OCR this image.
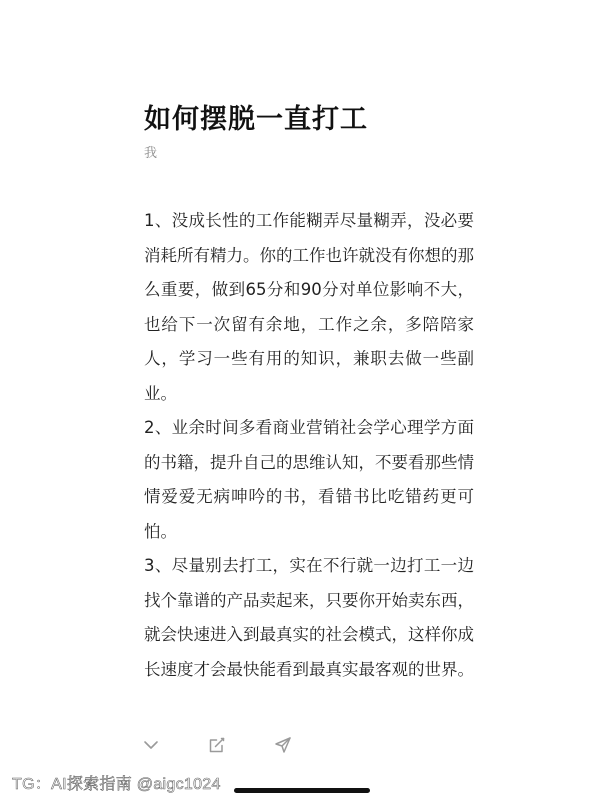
如何摆脱一直打工
我

1、没成长性的工作能糊弄尽量糊弄，没必要消耗所有精力。你的工作也许就没有你想的那么重要，做到65分和90分对单位影响不大，也给下一次留有余地，工作之余，多陪陪家人，学习一些有用的知识，兼职去做一些副业。

2、业余时间多看商业营销社会学心理学方面的书籍，提升自己的思维认知，不要看那些情情爱爱无病呻吟的书，看错书比吃错药更可怕。

3、尽量别去打工，实在不行就一边打工一边找个靠谱的产品卖起来，只要你开始卖东西，就会快速进入到最真实的社会模式，这样你成长速度才会最快能看到最真实最客观的世界。

TG：AI探索指南 @aigc1024
